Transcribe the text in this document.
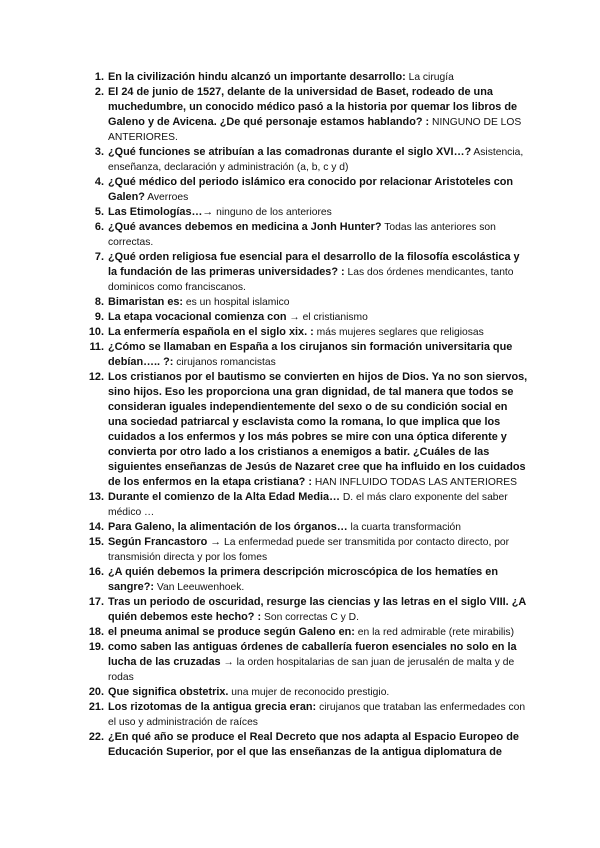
1. En la civilización hindu alcanzó un importante desarrollo: La cirugía
2. El 24 de junio de 1527, delante de la universidad de Baset, rodeado de una muchedumbre, un conocido médico pasó a la historia por quemar los libros de Galeno y de Avicena. ¿De qué personaje estamos hablando? : NINGUNO DE LOS ANTERIORES.
3. ¿Qué funciones se atribuían a las comadronas durante el siglo XVI…? Asistencia, enseñanza, declaración y administración (a, b, c y d)
4. ¿Qué médico del periodo islámico era conocido por relacionar Aristoteles con Galen? Averroes
5. Las Etimologías…→ ninguno de los anteriores
6. ¿Qué avances debemos en medicina a Jonh Hunter? Todas las anteriores son correctas.
7. ¿Qué orden religiosa fue esencial para el desarrollo de la filosofía escolástica y la fundación de las primeras universidades? : Las dos órdenes mendicantes, tanto dominicos como franciscanos.
8. Bimaristan es: es un hospital islamico
9. La etapa vocacional comienza con → el cristianismo
10. La enfermería española en el siglo xix. : más mujeres seglares que religiosas
11. ¿Cómo se llamaban en España a los cirujanos sin formación universitaria que debían….. ?: cirujanos romancistas
12. Los cristianos por el bautismo se convierten en hijos de Dios. Ya no son siervos, sino hijos. Eso les proporciona una gran dignidad, de tal manera que todos se consideran iguales independientemente del sexo o de su condición social en una sociedad patriarcal y esclavista como la romana, lo que implica que los cuidados a los enfermos y los más pobres se mire con una óptica diferente y convierta por otro lado a los cristianos a enemigos a batir. ¿Cuáles de las siguientes enseñanzas de Jesús de Nazaret cree que ha influido en los cuidados de los enfermos en la etapa cristiana? : HAN INFLUIDO TODAS LAS ANTERIORES
13. Durante el comienzo de la Alta Edad Media… D. el más claro exponente del saber médico …
14. Para Galeno, la alimentación de los órganos… la cuarta transformación
15. Según Francastoro → La enfermedad puede ser transmitida por contacto directo, por transmisión directa y por los fomes
16. ¿A quién debemos la primera descripción microscópica de los hematíes en sangre?: Van Leeuwenhoek.
17. Tras un periodo de oscuridad, resurge las ciencias y las letras en el siglo VIII. ¿A quién debemos este hecho? : Son correctas C y D.
18. el pneuma animal se produce según Galeno en: en la red admirable (rete mirabilis)
19. como saben las antiguas órdenes de caballería fueron esenciales no solo en la lucha de las cruzadas → la orden hospitalarias de san juan de jerusalén de malta y de rodas
20. Que significa obstetrix. una mujer de reconocido prestigio.
21. Los rizotomas de la antigua grecia eran: cirujanos que trataban las enfermedades con el uso y administración de raíces
22. ¿En qué año se produce el Real Decreto que nos adapta al Espacio Europeo de Educación Superior, por el que las enseñanzas de la antigua diplomatura de
